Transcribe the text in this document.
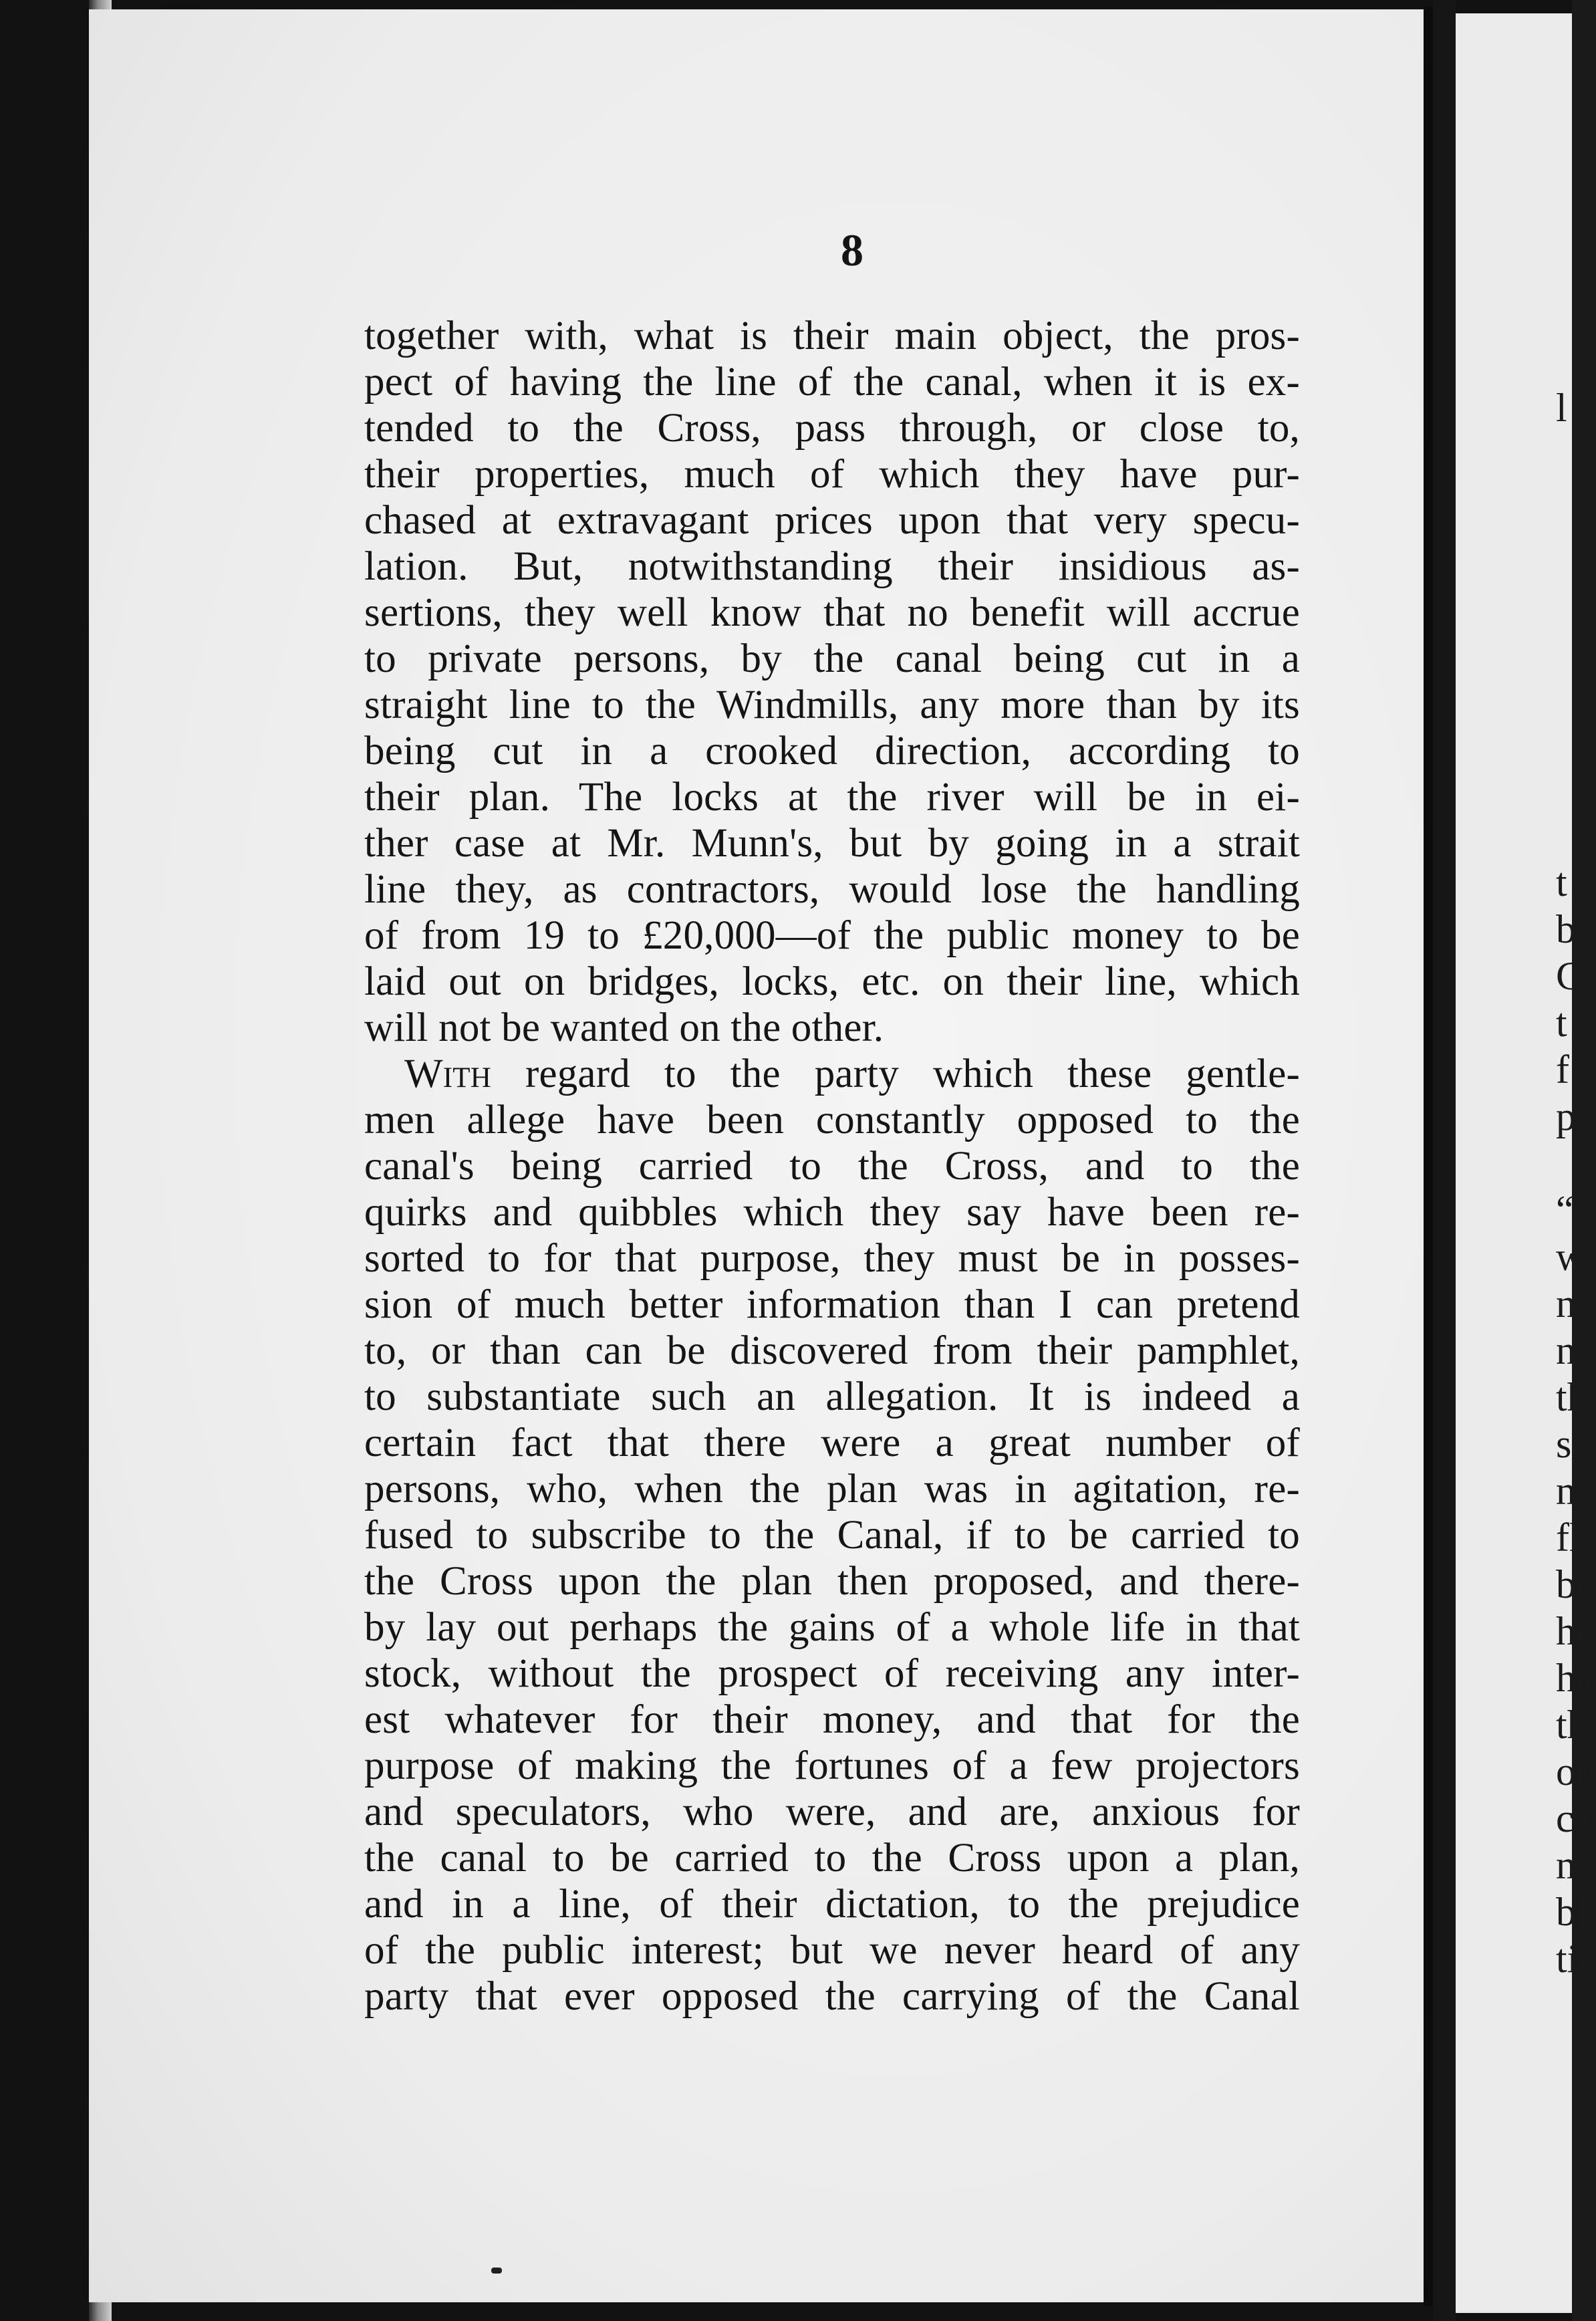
l
t
b
C
t
f
p
“
w
n
n
th
sa
m
fl
br
he
ha
th
ou
ca
m
bl
tic
8
together with, what is their main object, the pros-
pect of having the line of the canal, when it is ex-
tended to the Cross, pass through, or close to,
their properties, much of which they have pur-
chased at extravagant prices upon that very specu-
lation. But, notwithstanding their insidious as-
sertions, they well know that no benefit will accrue
to private persons, by the canal being cut in a
straight line to the Windmills, any more than by its
being cut in a crooked direction, according to
their plan. The locks at the river will be in ei-
ther case at Mr. Munn's, but by going in a strait
line they, as contractors, would lose the handling
of from 19 to £20,000—of the public money to be
laid out on bridges, locks, etc. on their line, which
will not be wanted on the other.
With regard to the party which these gentle-
men allege have been constantly opposed to the
canal's being carried to the Cross, and to the
quirks and quibbles which they say have been re-
sorted to for that purpose, they must be in posses-
sion of much better information than I can pretend
to, or than can be discovered from their pamphlet,
to substantiate such an allegation. It is indeed a
certain fact that there were a great number of
persons, who, when the plan was in agitation, re-
fused to subscribe to the Canal, if to be carried to
the Cross upon the plan then proposed, and there-
by lay out perhaps the gains of a whole life in that
stock, without the prospect of receiving any inter-
est whatever for their money, and that for the
purpose of making the fortunes of a few projectors
and speculators, who were, and are, anxious for
the canal to be carried to the Cross upon a plan,
and in a line, of their dictation, to the prejudice
of the public interest; but we never heard of any
party that ever opposed the carrying of the Canal
